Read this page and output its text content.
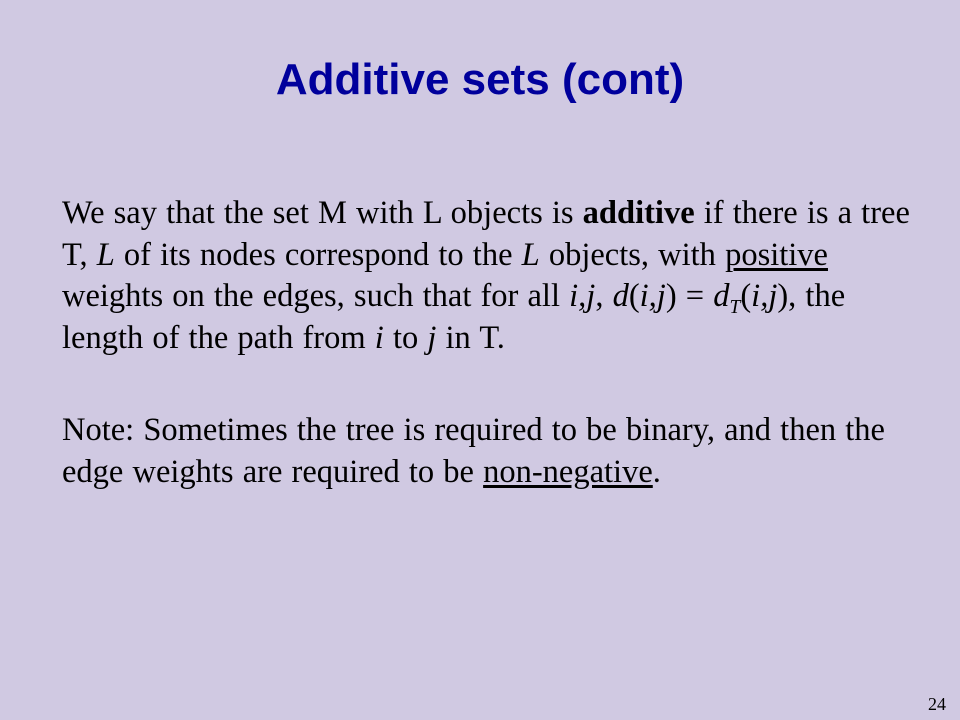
Additive sets (cont)

We say that the set M with L objects is additive if there is a tree T, L of its nodes correspond to the L objects, with positive weights on the edges, such that for all i,j, $d(i,j) = d_T(i,j)$, the length of the path from i to j in T.

Note: Sometimes the tree is required to be binary, and then the edge weights are required to be non-negative.

24
